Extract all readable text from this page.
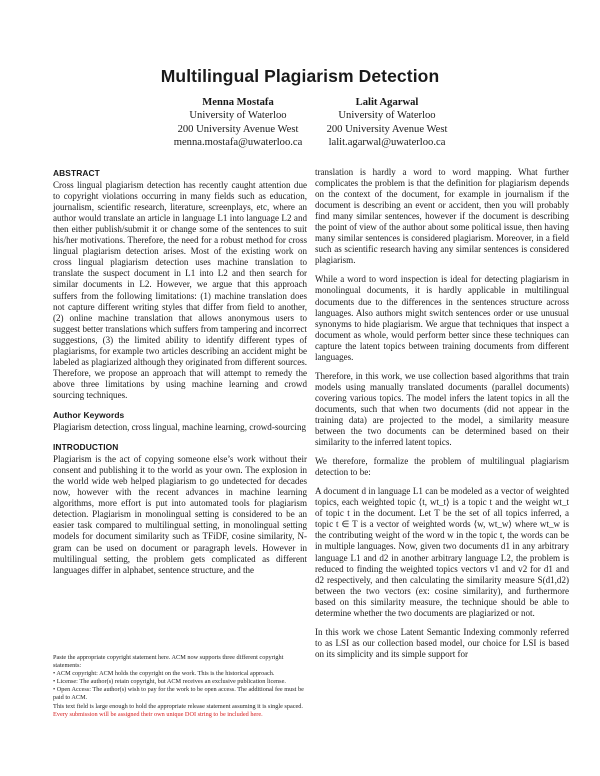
Multilingual Plagiarism Detection
Menna Mostafa
University of Waterloo
200 University Avenue West
menna.mostafa@uwaterloo.ca
Lalit Agarwal
University of Waterloo
200 University Avenue West
lalit.agarwal@uwaterloo.ca
ABSTRACT

Cross lingual plagiarism detection has recently caught attention due to copyright violations occurring in many fields such as education, journalism, scientific research, literature, screenplays, etc, where an author would translate an article in language L1 into language L2 and then either publish/submit it or change some of the sentences to suit his/her motivations. Therefore, the need for a robust method for cross lingual plagiarism detection arises. Most of the existing work on cross lingual plagiarism detection uses machine translation to translate the suspect document in L1 into L2 and then search for similar documents in L2. However, we argue that this approach suffers from the following limitations: (1) machine translation does not capture different writing styles that differ from field to another, (2) online machine translation that allows anonymous users to suggest better translations which suffers from tampering and incorrect suggestions, (3) the limited ability to identify different types of plagiarisms, for example two articles describing an accident might be labeled as plagiarized although they originated from different sources. Therefore, we propose an approach that will attempt to remedy the above three limitations by using machine learning and crowd sourcing techniques.

Author Keywords

Plagiarism detection, cross lingual, machine learning, crowd-sourcing

INTRODUCTION

Plagiarism is the act of copying someone else’s work without their consent and publishing it to the world as your own. The explosion in the world wide web helped plagiarism to go undetected for decades now, however with the recent advances in machine learning algorithms, more effort is put into automated tools for plagiarism detection. Plagiarism in monolingual setting is considered to be an easier task compared to multilingual setting, in monolingual setting models for document similarity such as TFiDF, cosine similarity, N-gram can be used on document or paragraph levels. However in multilingual setting, the problem gets complicated as different languages differ in alphabet, sentence structure, and the

translation is hardly a word to word mapping. What further complicates the problem is that the definition for plagiarism depends on the context of the document, for example in journalism if the document is describing an event or accident, then you will probably find many similar sentences, however if the document is describing the point of view of the author about some political issue, then having many similar sentences is considered plagiarism. Moreover, in a field such as scientific research having any similar sentences is considered plagiarism.

While a word to word inspection is ideal for detecting plagiarism in monolingual documents, it is hardly applicable in multilingual documents due to the differences in the sentences structure across languages. Also authors might switch sentences order or use unusual synonyms to hide plagiarism. We argue that techniques that inspect a document as whole, would perform better since these techniques can capture the latent topics between training documents from different languages.

Therefore, in this work, we use collection based algorithms that train models using manually translated documents (parallel documents) covering various topics. The model infers the latent topics in all the documents, such that when two documents (did not appear in the training data) are projected to the model, a similarity measure between the two documents can be determined based on their similarity to the inferred latent topics.

We therefore, formalize the problem of multilingual plagiarism detection to be:

A document d in language L1 can be modeled as a vector of weighted topics, each weighted topic ⟨t, wt_t⟩ is a topic t and the weight wt_t of topic t in the document. Let T be the set of all topics inferred, a topic t ∈ T is a vector of weighted words ⟨w, wt_w⟩ where wt_w is the contributing weight of the word w in the topic t, the words can be in multiple languages. Now, given two documents d1 in any arbitrary language L1 and d2 in another arbitrary language L2, the problem is reduced to finding the weighted topics vectors v1 and v2 for d1 and d2 respectively, and then calculating the similarity measure S(d1,d2) between the two vectors (ex: cosine similarity), and furthermore based on this similarity measure, the technique should be able to determine whether the two documents are plagiarized or not.

In this work we chose Latent Semantic Indexing commonly referred to as LSI as our collection based model, our choice for LSI is based on its simplicity and its simple support for

Paste the appropriate copyright statement here. ACM now supports three different copyright statements:
• ACM copyright: ACM holds the copyright on the work. This is the historical approach.
• License: The author(s) retain copyright, but ACM receives an exclusive publication license.
• Open Access: The author(s) wish to pay for the work to be open access. The additional fee must be paid to ACM.
This text field is large enough to hold the appropriate release statement assuming it is single spaced.
Every submission will be assigned their own unique DOI string to be included here.
